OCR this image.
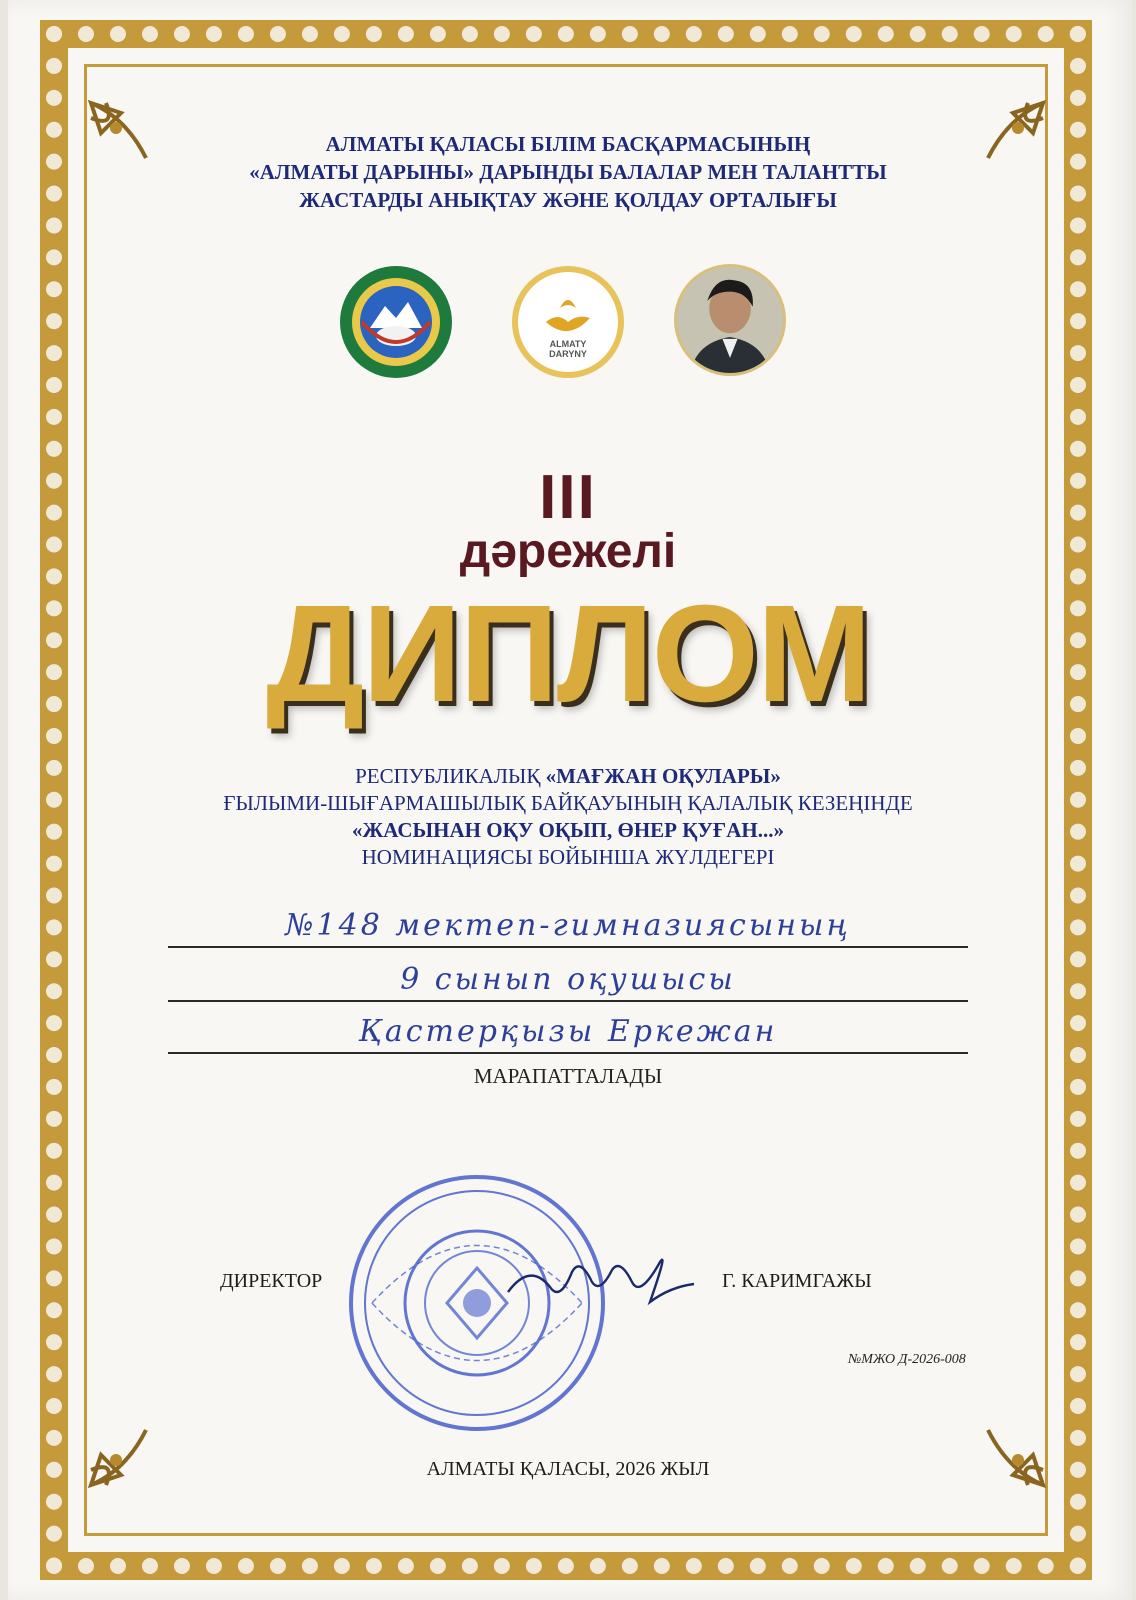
АЛМАТЫ ҚАЛАСЫ БІЛІМ БАСҚАРМАСЫНЫҢ
«АЛМАТЫ ДАРЫНЫ» ДАРЫНДЫ БАЛАЛАР МЕН ТАЛАНТТЫ
ЖАСТАРДЫ АНЫҚТАУ ЖӘНЕ ҚОЛДАУ ОРТАЛЫҒЫ
ALMATY
DARYNY
III
дәрежелі
ДИПЛОМ
РЕСПУБЛИКАЛЫҚ «МАҒЖАН ОҚУЛАРЫ»
ҒЫЛЫМИ-ШЫҒАРМАШЫЛЫҚ БАЙҚАУЫНЫҢ ҚАЛАЛЫҚ КЕЗЕҢІНДЕ
«ЖАСЫНАН ОҚУ ОҚЫП, ӨНЕР ҚУҒАН...»
НОМИНАЦИЯСЫ БОЙЫНША ЖҮЛДЕГЕРІ
№148 мектеп-гимназиясының
9 сынып оқушысы
Қастерқызы Еркежан
МАРАПАТТАЛАДЫ
ДИРЕКТОР	Г. КАРИМГАЖЫ
№МЖО Д-2026-008
АЛМАТЫ ҚАЛАСЫ, 2026 ЖЫЛ
